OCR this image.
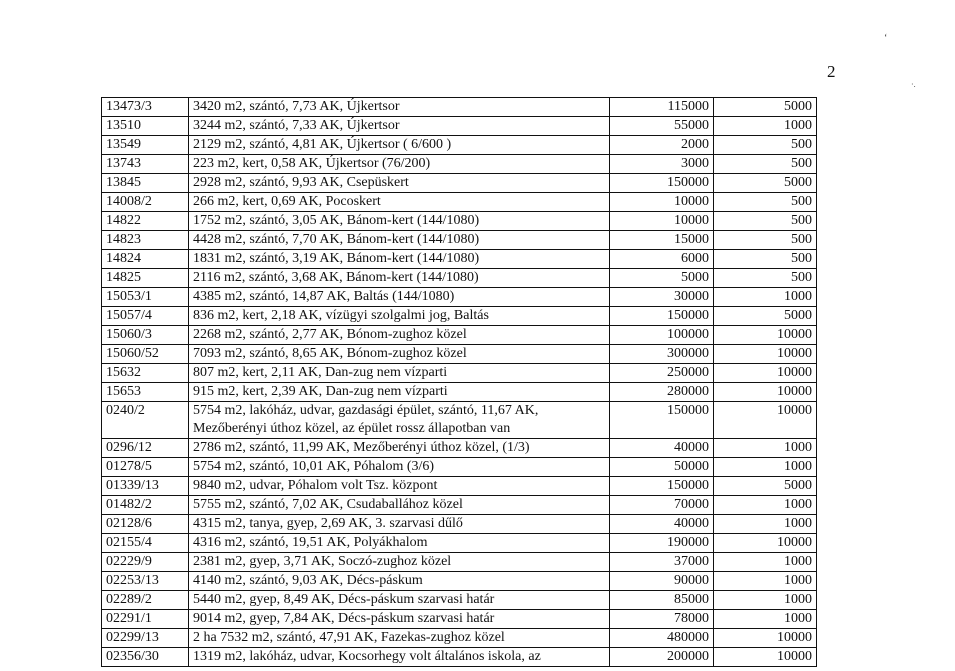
2
‘
·.
13473/3	3420 m2, szántó, 7,73 AK, Újkertsor	115000	5000
13510	3244 m2, szántó, 7,33 AK, Újkertsor	55000	1000
13549	2129 m2, szántó, 4,81 AK, Újkertsor ( 6/600 )	2000	500
13743	223 m2, kert, 0,58 AK, Újkertsor (76/200)	3000	500
13845	2928 m2, szántó, 9,93 AK, Csepüskert	150000	5000
14008/2	266 m2, kert, 0,69 AK, Pocoskert	10000	500
14822	1752 m2, szántó, 3,05 AK, Bánom-kert (144/1080)	10000	500
14823	4428 m2, szántó, 7,70 AK, Bánom-kert (144/1080)	15000	500
14824	1831 m2, szántó, 3,19 AK, Bánom-kert (144/1080)	6000	500
14825	2116 m2, szántó, 3,68 AK, Bánom-kert (144/1080)	5000	500
15053/1	4385 m2, szántó, 14,87 AK, Baltás (144/1080)	30000	1000
15057/4	836 m2, kert, 2,18 AK, vízügyi szolgalmi jog, Baltás	150000	5000
15060/3	2268 m2, szántó, 2,77 AK, Bónom-zughoz közel	100000	10000
15060/52	7093 m2, szántó, 8,65 AK, Bónom-zughoz közel	300000	10000
15632	807 m2, kert, 2,11 AK, Dan-zug nem vízparti	250000	10000
15653	915 m2, kert, 2,39 AK, Dan-zug nem vízparti	280000	10000
0240/2	5754 m2, lakóház, udvar, gazdasági épület, szántó, 11,67 AK, Mezőberényi úthoz közel, az épület rossz állapotban van	150000	10000
0296/12	2786 m2, szántó, 11,99 AK, Mezőberényi úthoz közel, (1/3)	40000	1000
01278/5	5754 m2, szántó, 10,01 AK, Póhalom (3/6)	50000	1000
01339/13	9840 m2, udvar, Póhalom volt Tsz. központ	150000	5000
01482/2	5755 m2, szántó, 7,02 AK, Csudaballához közel	70000	1000
02128/6	4315 m2, tanya, gyep, 2,69 AK, 3. szarvasi dűlő	40000	1000
02155/4	4316 m2, szántó, 19,51 AK, Polyákhalom	190000	10000
02229/9	2381 m2, gyep, 3,71 AK, Soczó-zughoz közel	37000	1000
02253/13	4140 m2, szántó, 9,03 AK, Décs-páskum	90000	1000
02289/2	5440 m2, gyep, 8,49 AK, Décs-páskum szarvasi határ	85000	1000
02291/1	9014 m2, gyep, 7,84 AK, Décs-páskum szarvasi határ	78000	1000
02299/13	2 ha 7532 m2, szántó, 47,91 AK, Fazekas-zughoz közel	480000	10000
02356/30	1319 m2, lakóház, udvar, Kocsorhegy volt általános iskola, az	200000	10000
